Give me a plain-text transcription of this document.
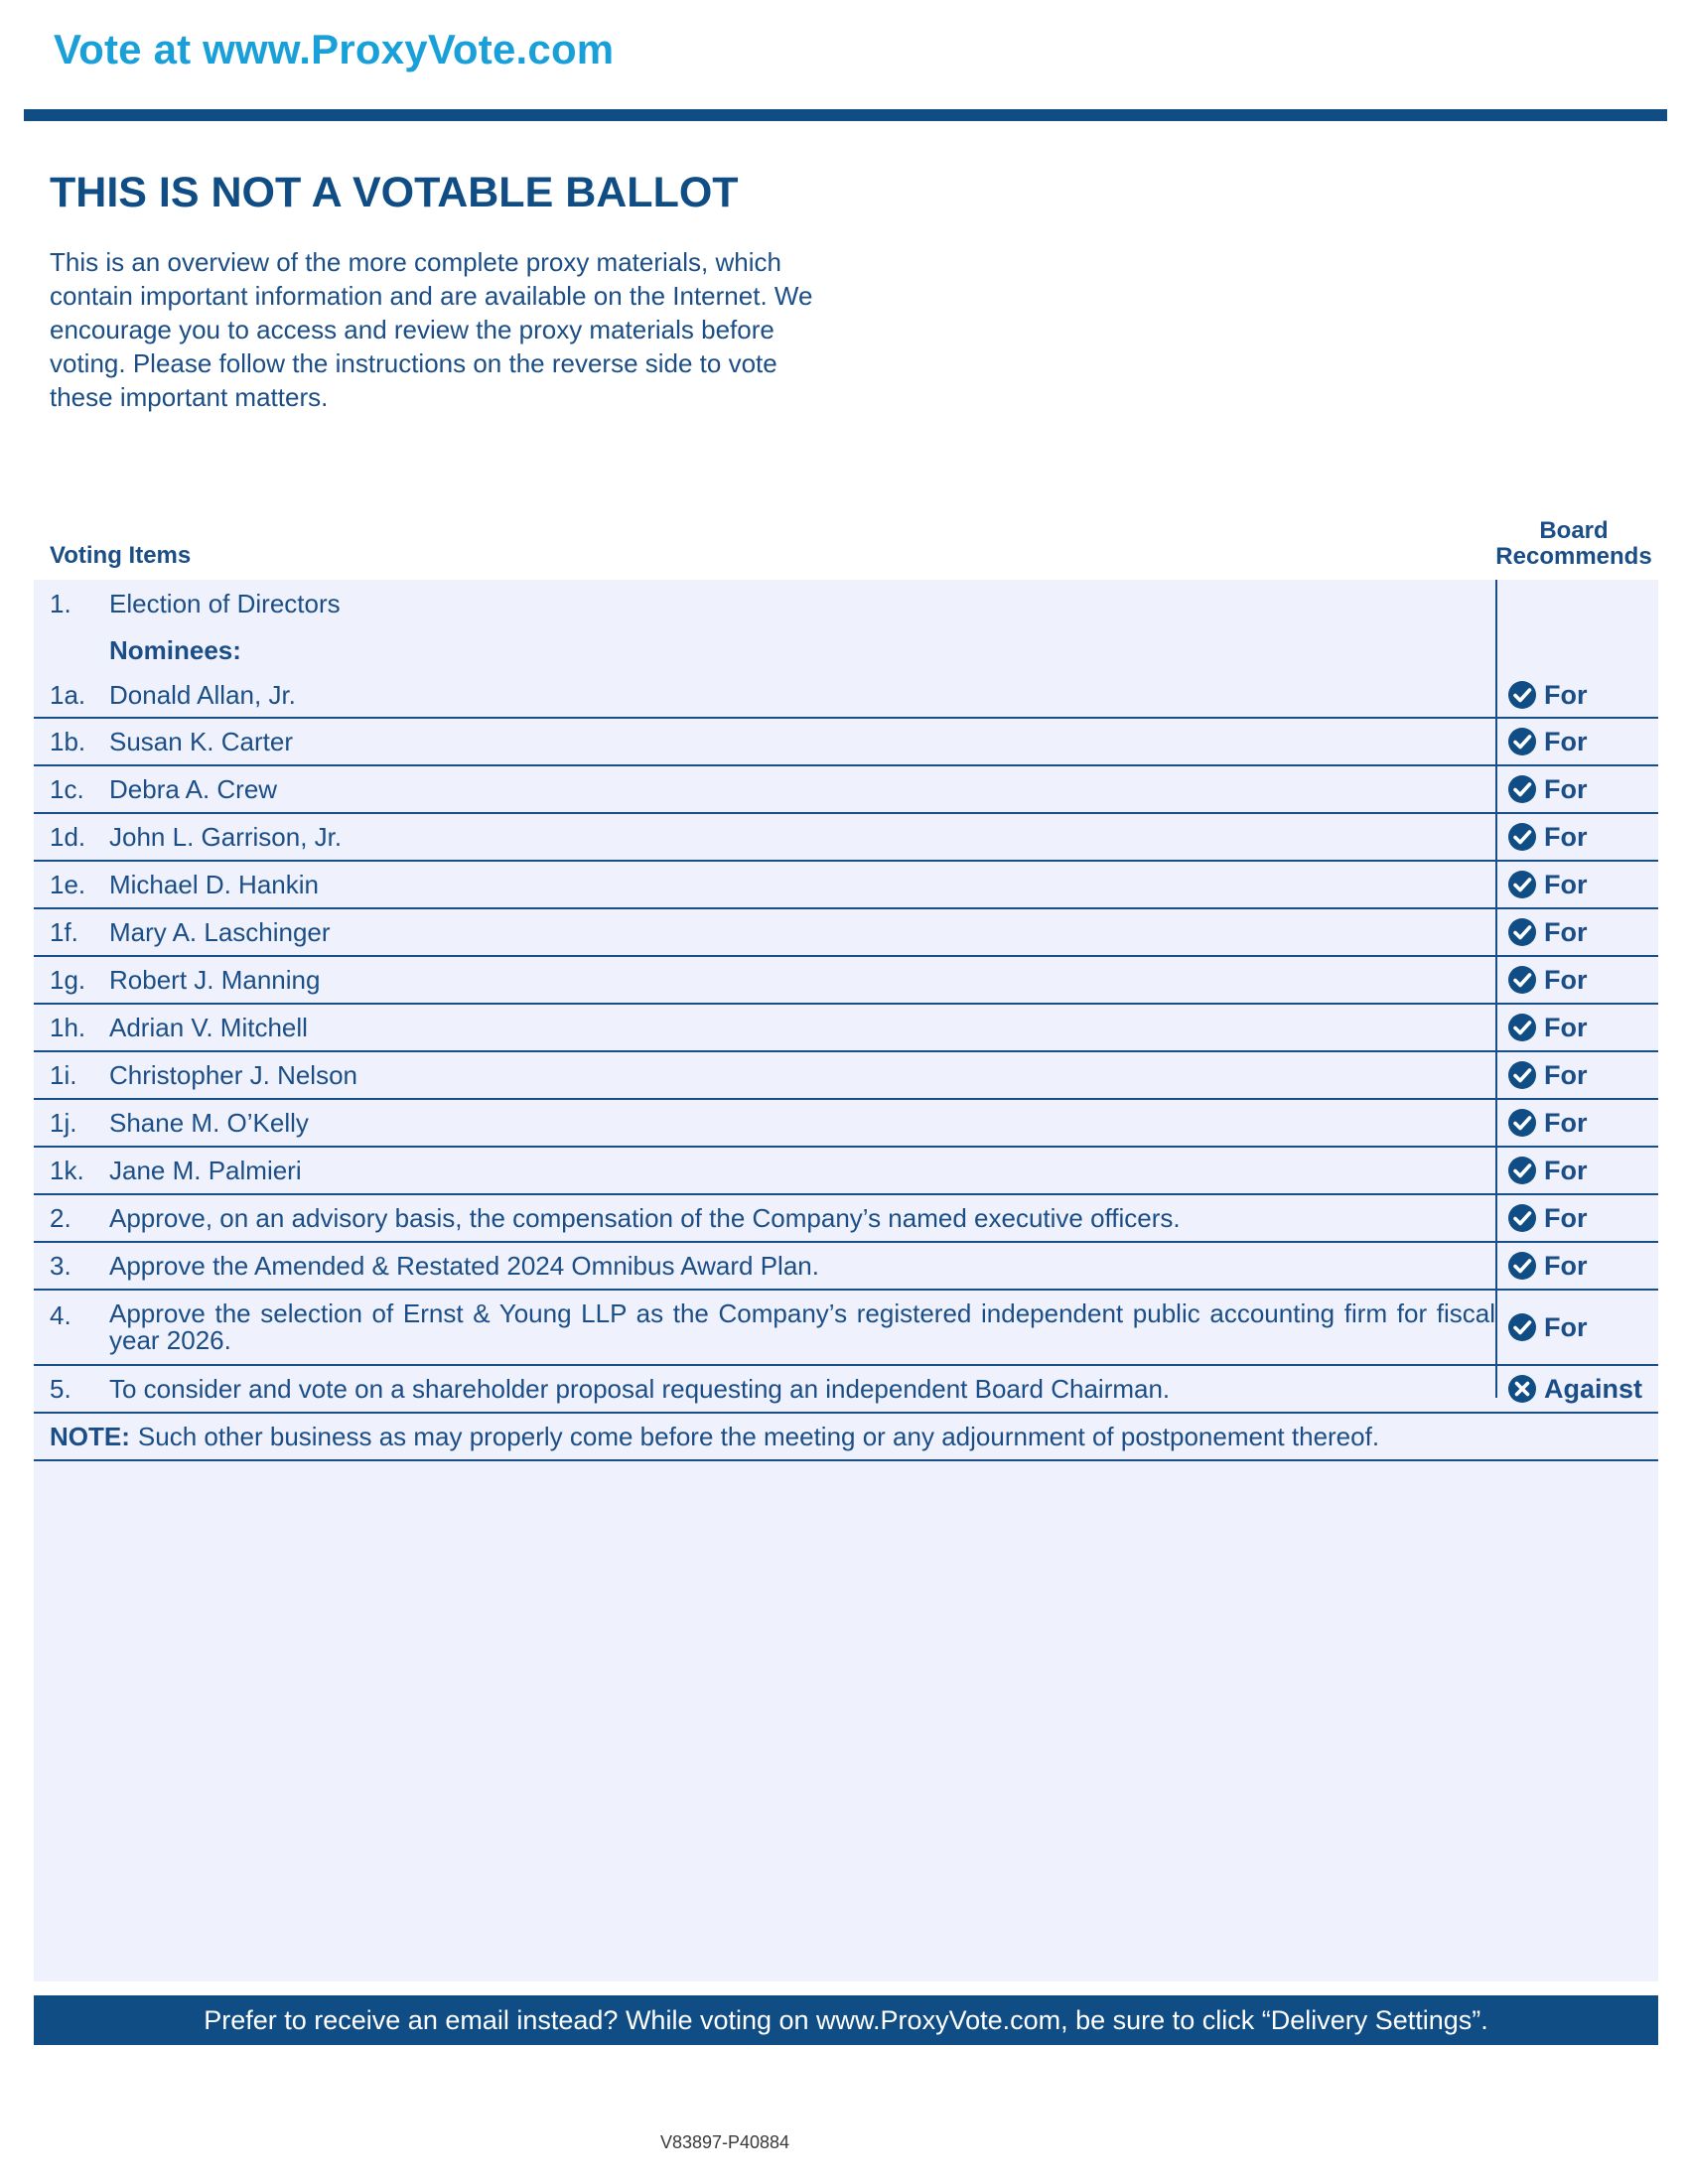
Vote at www.ProxyVote.com
THIS IS NOT A VOTABLE BALLOT
This is an overview of the more complete proxy materials, which contain important information and are available on the Internet. We encourage you to access and review the proxy materials before voting. Please follow the instructions on the reverse side to vote these important matters.
Voting Items
Board
Recommends
1.	Election of Directors
Nominees:
1a. Donald Allan, Jr.	For
1b. Susan K. Carter	For
1c. Debra A. Crew	For
1d. John L. Garrison, Jr.	For
1e. Michael D. Hankin	For
1f.	Mary A. Laschinger	For
1g. Robert J. Manning	For
1h. Adrian V. Mitchell	For
1i.	Christopher J. Nelson	For
1j.	Shane M. O’Kelly	For
1k. Jane M. Palmieri	For
2.	Approve, on an advisory basis, the compensation of the Company’s named executive officers.	For
3.	Approve the Amended & Restated 2024 Omnibus Award Plan.	For
4.	Approve the selection of Ernst & Young LLP as the Company’s registered independent public accounting firm for fiscal year 2026.	For
5.	To consider and vote on a shareholder proposal requesting an independent Board Chairman.	Against
NOTE: Such other business as may properly come before the meeting or any adjournment of postponement thereof.
Prefer to receive an email instead? While voting on www.ProxyVote.com, be sure to click “Delivery Settings”.
V83897-P40884
